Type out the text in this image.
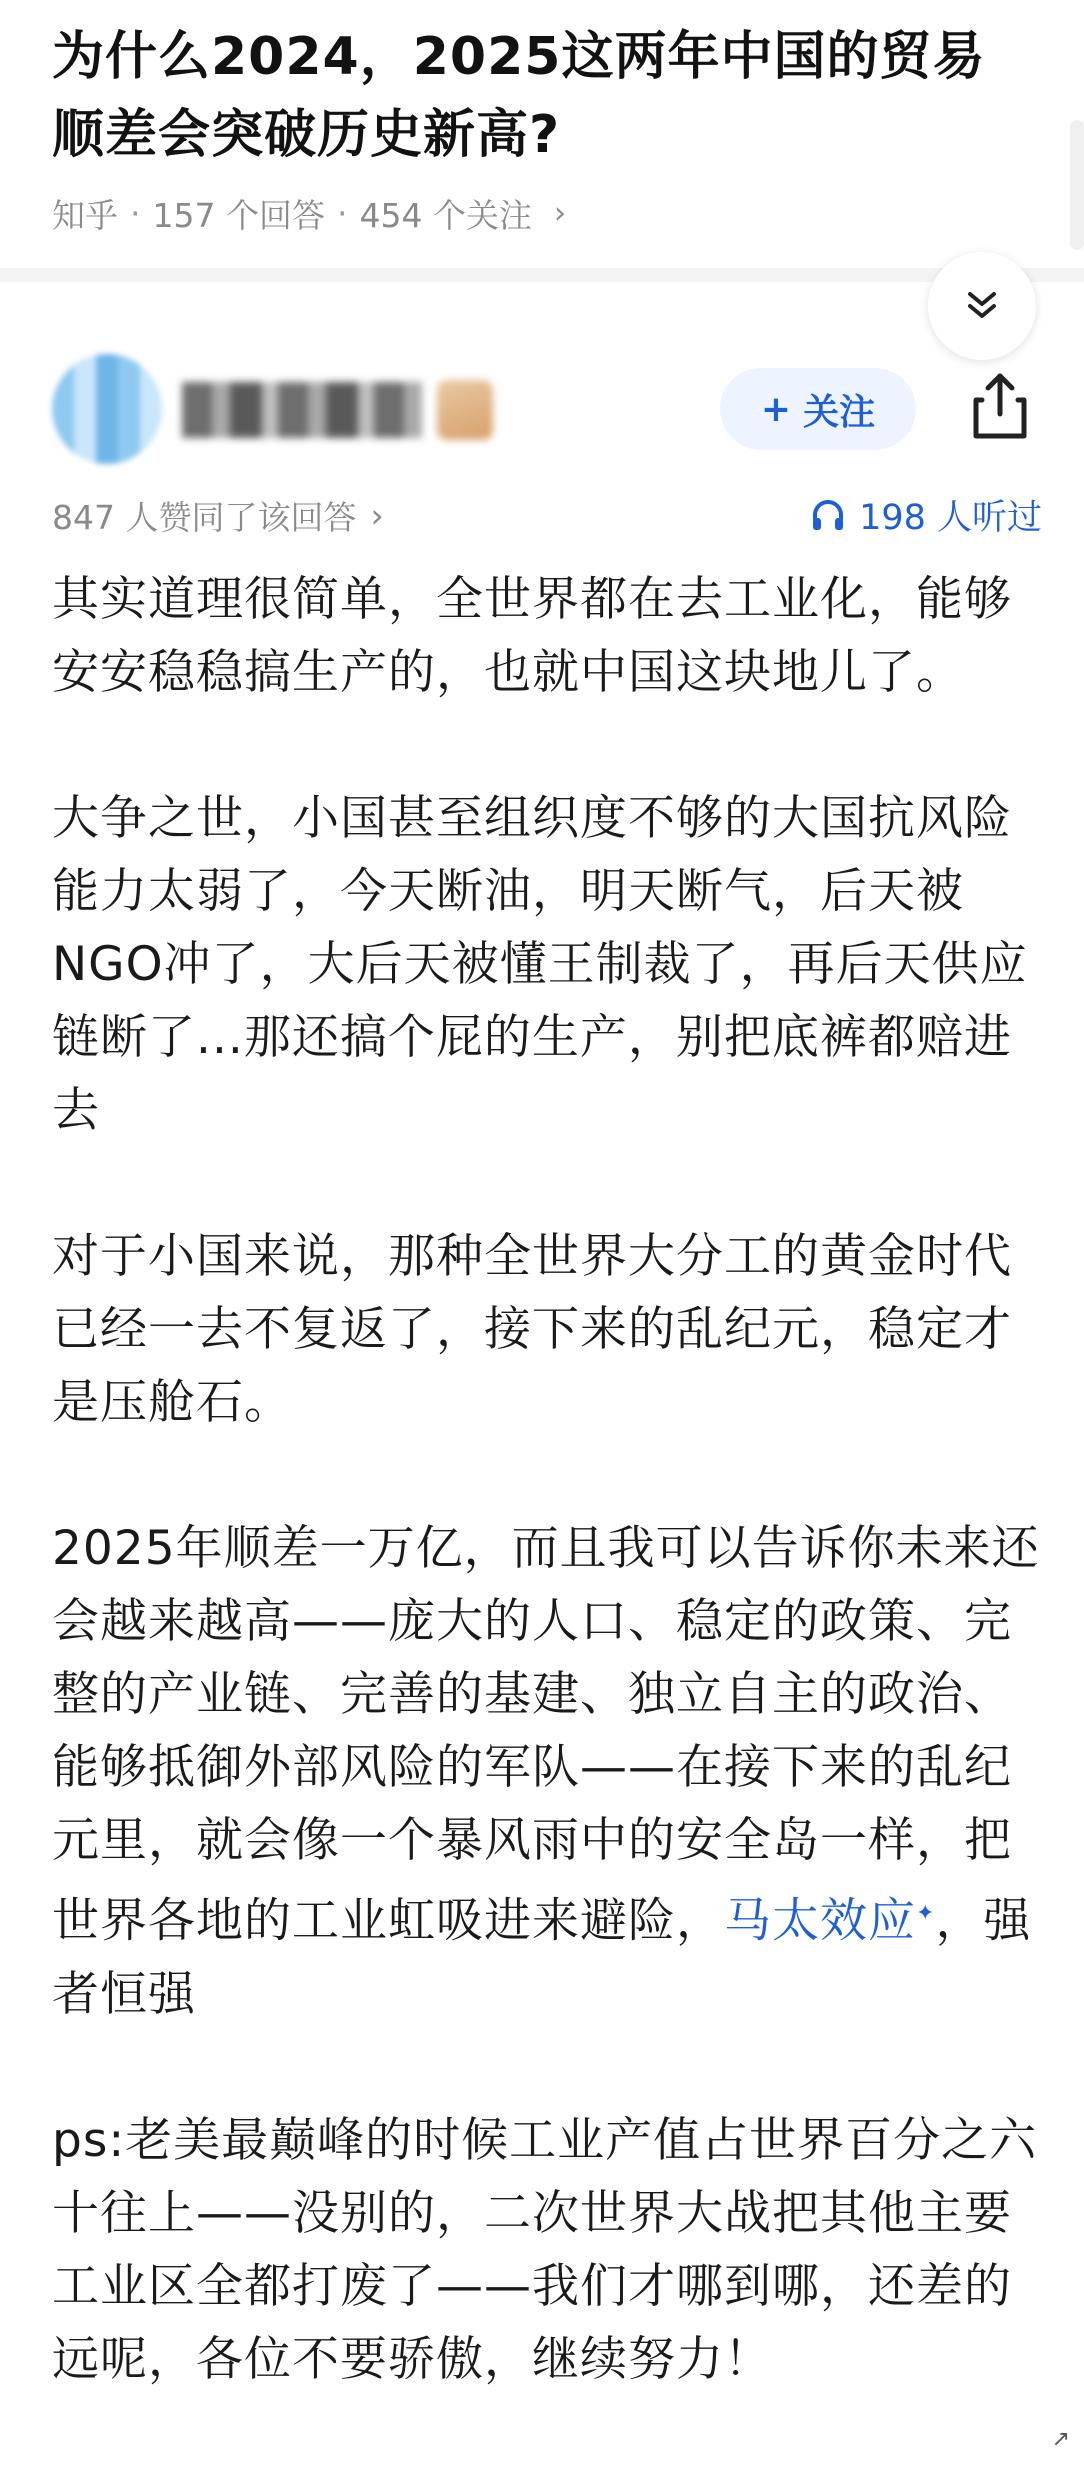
为什么2024，2025这两年中国的贸易
顺差会突破历史新高?
知乎 · 157 个回答 · 454 个关注 ›
+ 关注
847 人赞同了该回答 ›	198 人听过

其实道理很简单，全世界都在去工业化，能够安安稳稳搞生产的，也就中国这块地儿了。

大争之世，小国甚至组织度不够的大国抗风险能力太弱了，今天断油，明天断气，后天被NGO冲了，大后天被懂王制裁了，再后天供应链断了...那还搞个屁的生产，别把底裤都赔进去

对于小国来说，那种全世界大分工的黄金时代已经一去不复返了，接下来的乱纪元，稳定才是压舱石。

2025年顺差一万亿，而且我可以告诉你未来还会越来越高——庞大的人口、稳定的政策、完整的产业链、完善的基建、独立自主的政治、能够抵御外部风险的军队——在接下来的乱纪元里，就会像一个暴风雨中的安全岛一样，把世界各地的工业虹吸进来避险，马太效应✦，强者恒强

ps:老美最巅峰的时候工业产值占世界百分之六十往上——没别的，二次世界大战把其他主要工业区全都打废了——我们才哪到哪，还差的远呢，各位不要骄傲，继续努力！

↗
